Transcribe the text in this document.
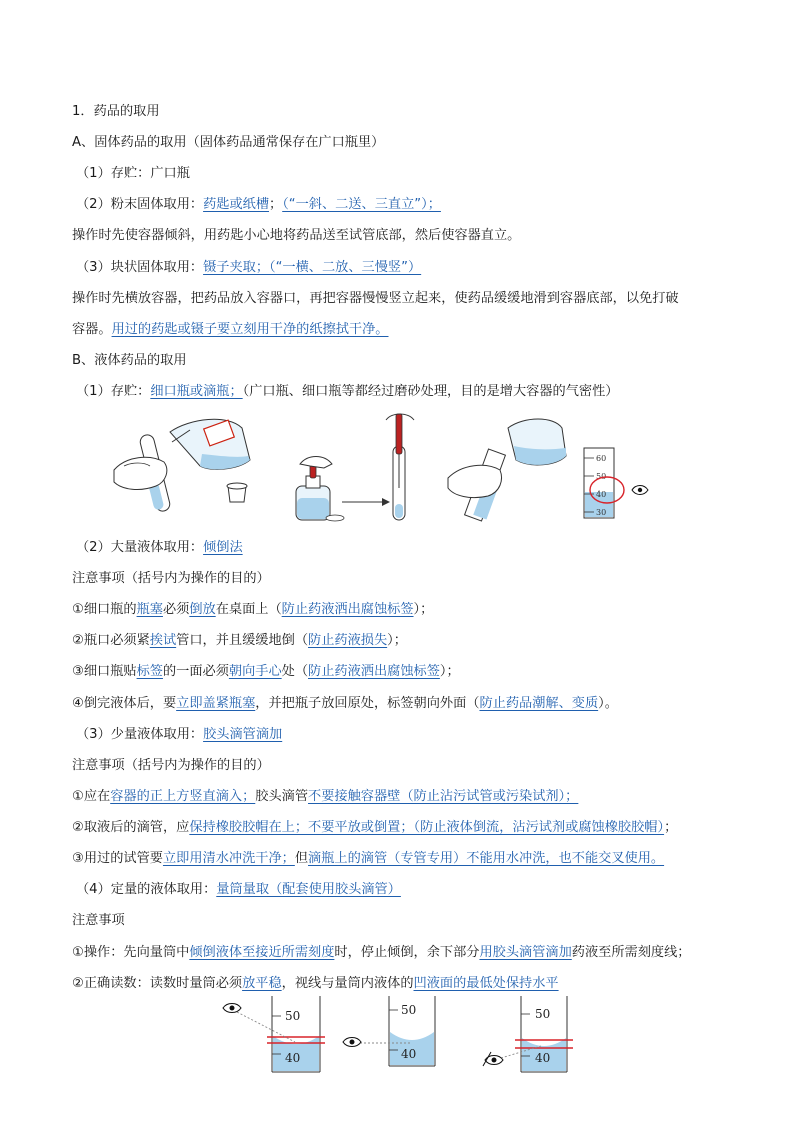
1．药品的取用
A、固体药品的取用（固体药品通常保存在广口瓶里）
（1）存贮：广口瓶
（2）粉末固体取用：药匙或纸槽；（“一斜、二送、三直立”）；
操作时先使容器倾斜，用药匙小心地将药品送至试管底部，然后使容器直立。
（3）块状固体取用：镊子夹取；（“一横、二放、三慢竖”）
操作时先横放容器，把药品放入容器口，再把容器慢慢竖立起来，使药品缓缓地滑到容器底部，以免打破
容器。用过的药匙或镊子要立刻用干净的纸擦拭干净。
B、液体药品的取用
（1）存贮：细口瓶或滴瓶；（广口瓶、细口瓶等都经过磨砂处理，目的是增大容器的气密性）
（2）大量液体取用：倾倒法
注意事项（括号内为操作的目的）
①细口瓶的瓶塞必须倒放在桌面上（防止药液洒出腐蚀标签）；
②瓶口必须紧挨试管口，并且缓缓地倒（防止药液损失）；
③细口瓶贴标签的一面必须朝向手心处（防止药液洒出腐蚀标签）；
④倒完液体后，要立即盖紧瓶塞，并把瓶子放回原处，标签朝向外面（防止药品潮解、变质）。
（3）少量液体取用：胶头滴管滴加
注意事项（括号内为操作的目的）
①应在容器的正上方竖直滴入；胶头滴管不要接触容器壁（防止沾污试管或污染试剂）；
②取液后的滴管，应保持橡胶胶帽在上；不要平放或倒置；（防止液体倒流，沾污试剂或腐蚀橡胶胶帽）；
③用过的试管要立即用清水冲洗干净；但滴瓶上的滴管（专管专用）不能用水冲洗，也不能交叉使用。
（4）定量的液体取用：量筒量取（配套使用胶头滴管）
注意事项
①操作：先向量筒中倾倒液体至接近所需刻度时，停止倾倒，余下部分用胶头滴管滴加药液至所需刻度线；
②正确读数：读数时量筒必须放平稳，视线与量筒内液体的凹液面的最低处保持水平
60
50
40
30
50
40
50
40
50
40
